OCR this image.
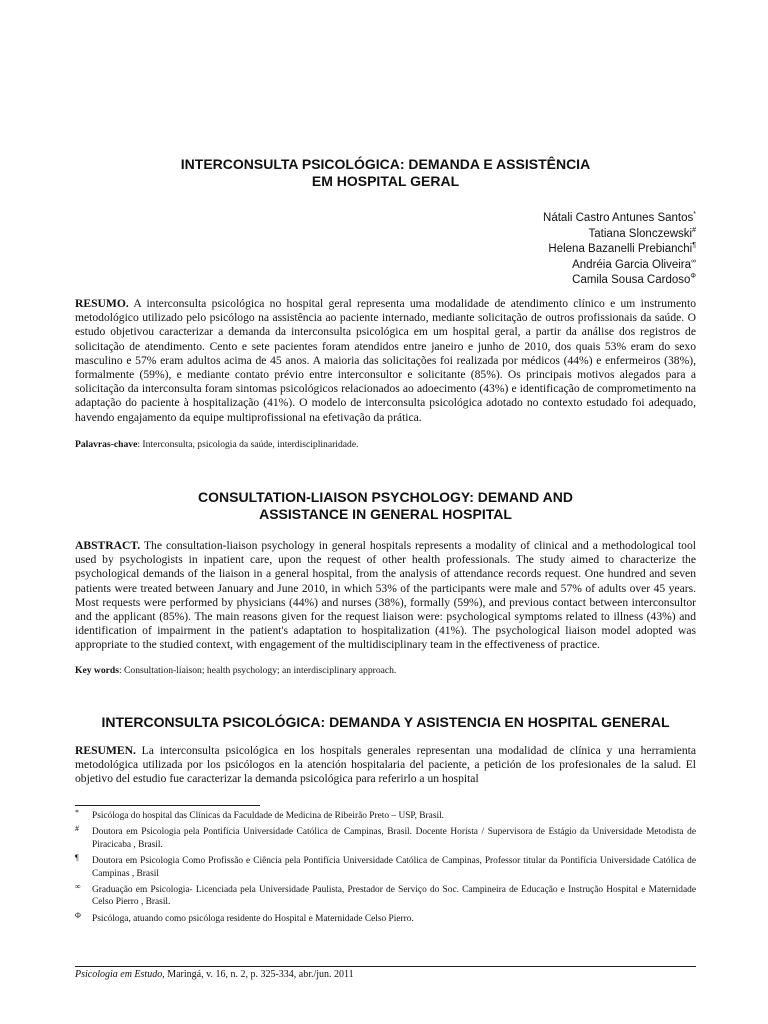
INTERCONSULTA PSICOLÓGICA: DEMANDA E ASSISTÊNCIA
EM HOSPITAL GERAL
Nátali Castro Antunes Santos*
Tatiana Slonczewski#
Helena Bazanelli Prebianchi¶
Andréia Garcia Oliveira∞
Camila Sousa Cardoso$^\Phi$

RESUMO. A interconsulta psicológica no hospital geral representa uma modalidade de atendimento clínico e um instrumento metodológico utilizado pelo psicólogo na assistência ao paciente internado, mediante solicitação de outros profissionais da saúde. O estudo objetivou caracterizar a demanda da interconsulta psicológica em um hospital geral, a partir da análise dos registros de solicitação de atendimento. Cento e sete pacientes foram atendidos entre janeiro e junho de 2010, dos quais 53% eram do sexo masculino e 57% eram adultos acima de 45 anos. A maioria das solicitações foi realizada por médicos (44%) e enfermeiros (38%), formalmente (59%), e mediante contato prévio entre interconsultor e solicitante (85%). Os principais motivos alegados para a solicitação da interconsulta foram sintomas psicológicos relacionados ao adoecimento (43%) e identificação de comprometimento na adaptação do paciente à hospitalização (41%). O modelo de interconsulta psicológica adotado no contexto estudado foi adequado, havendo engajamento da equipe multiprofissional na efetivação da prática.

Palavras-chave: Interconsulta, psicologia da saúde, interdisciplinaridade.
CONSULTATION-LIAISON PSYCHOLOGY: DEMAND AND
ASSISTANCE IN GENERAL HOSPITAL

ABSTRACT. The consultation-liaison psychology in general hospitals represents a modality of clinical and a methodological tool used by psychologists in inpatient care, upon the request of other health professionals. The study aimed to characterize the psychological demands of the liaison in a general hospital, from the analysis of attendance records request. One hundred and seven patients were treated between January and June 2010, in which 53% of the participants were male and 57% of adults over 45 years. Most requests were performed by physicians (44%) and nurses (38%), formally (59%), and previous contact between interconsultor and the applicant (85%). The main reasons given for the request liaison were: psychological symptoms related to illness (43%) and identification of impairment in the patient's adaptation to hospitalization (41%). The psychological liaison model adopted was appropriate to the studied context, with engagement of the multidisciplinary team in the effectiveness of practice.

Key words: Consultation-liaison; health psychology; an interdisciplinary approach.
INTERCONSULTA PSICOLÓGICA: DEMANDA Y ASISTENCIA EN HOSPITAL GENERAL

RESUMEN. La interconsulta psicológica en los hospitals generales representan una modalidad de clínica y una herramienta metodológica utilizada por los psicólogos en la atención hospitalaria del paciente, a petición de los profesionales de la salud. El objetivo del estudio fue caracterizar la demanda psicológica para referirlo a un hospital

* Psicóloga do hospital das Clínicas da Faculdade de Medicina de Ribeirão Preto – USP, Brasil.
# Doutora em Psicologia pela Pontifícia Universidade Católica de Campinas, Brasil. Docente Horista / Supervisora de Estágio da Universidade Metodista de Piracicaba , Brasil.
¶ Doutora em Psicologia Como Profissão e Ciência pela Pontifícia Universidade Católica de Campinas, Professor titular da Pontifícia Universidade Católica de Campinas , Brasil
∞ Graduação em Psicologia- Licenciada pela Universidade Paulista, Prestador de Serviço do Soc. Campineira de Educação e Instrução Hospital e Maternidade Celso Pierro , Brasil.
Φ Psicóloga, atuando como psicóloga residente do Hospital e Maternidade Celso Pierro.
Psicologia em Estudo, Maringá, v. 16, n. 2, p. 325-334, abr./jun. 2011
